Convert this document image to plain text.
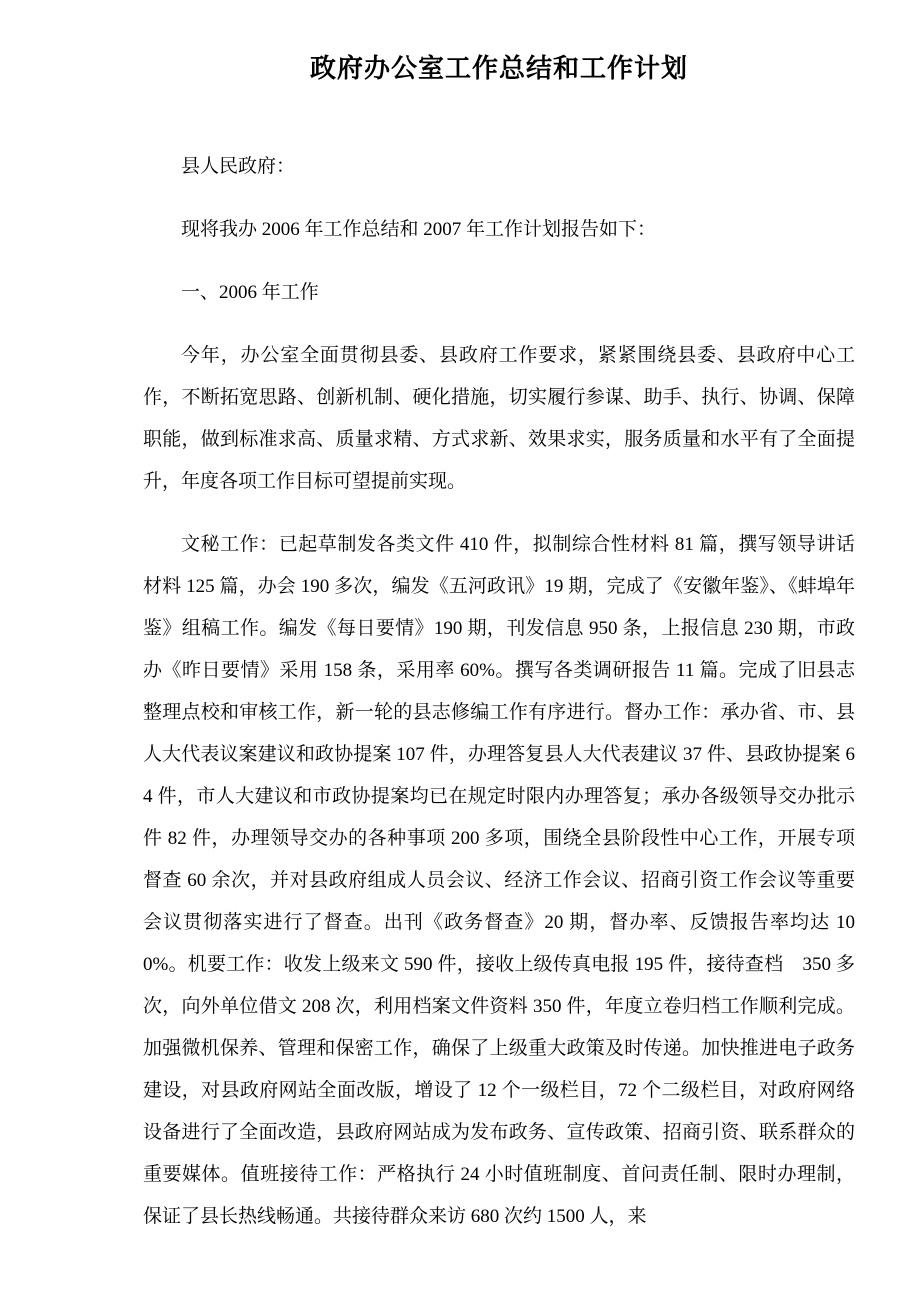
政府办公室工作总结和工作计划

县人民政府：

现将我办 2006 年工作总结和 2007 年工作计划报告如下：

一、2006 年工作

今年，办公室全面贯彻县委、县政府工作要求，紧紧围绕县委、县政府中心工作，不断拓宽思路、创新机制、硬化措施，切实履行参谋、助手、执行、协调、保障职能，做到标准求高、质量求精、方式求新、效果求实，服务质量和水平有了全面提升，年度各项工作目标可望提前实现。

文秘工作：已起草制发各类文件 410 件，拟制综合性材料 81 篇，撰写领导讲话材料 125 篇，办会 190 多次，编发《五河政讯》19 期，完成了《安徽年鉴》、《蚌埠年鉴》组稿工作。编发《每日要情》190 期，刊发信息 950 条，上报信息 230 期，市政办《昨日要情》采用 158 条，采用率 60%。撰写各类调研报告 11 篇。完成了旧县志整理点校和审核工作，新一轮的县志修编工作有序进行。督办工作：承办省、市、县人大代表议案建议和政协提案 107 件，办理答复县人大代表建议 37 件、县政协提案 64 件，市人大建议和市政协提案均已在规定时限内办理答复；承办各级领导交办批示件 82 件，办理领导交办的各种事项 200 多项，围绕全县阶段性中心工作，开展专项督查 60 余次，并对县政府组成人员会议、经济工作会议、招商引资工作会议等重要会议贯彻落实进行了督查。出刊《政务督查》20 期，督办率、反馈报告率均达 100%。机要工作：收发上级来文 590 件，接收上级传真电报 195 件，接待查档　350 多次，向外单位借文 208 次，利用档案文件资料 350 件，年度立卷归档工作顺利完成。加强微机保养、管理和保密工作，确保了上级重大政策及时传递。加快推进电子政务建设，对县政府网站全面改版，增设了 12 个一级栏目，72 个二级栏目，对政府网络设备进行了全面改造，县政府网站成为发布政务、宣传政策、招商引资、联系群众的重要媒体。值班接待工作：严格执行 24 小时值班制度、首问责任制、限时办理制，保证了县长热线畅通。共接待群众来访 680 次约 1500 人，来
